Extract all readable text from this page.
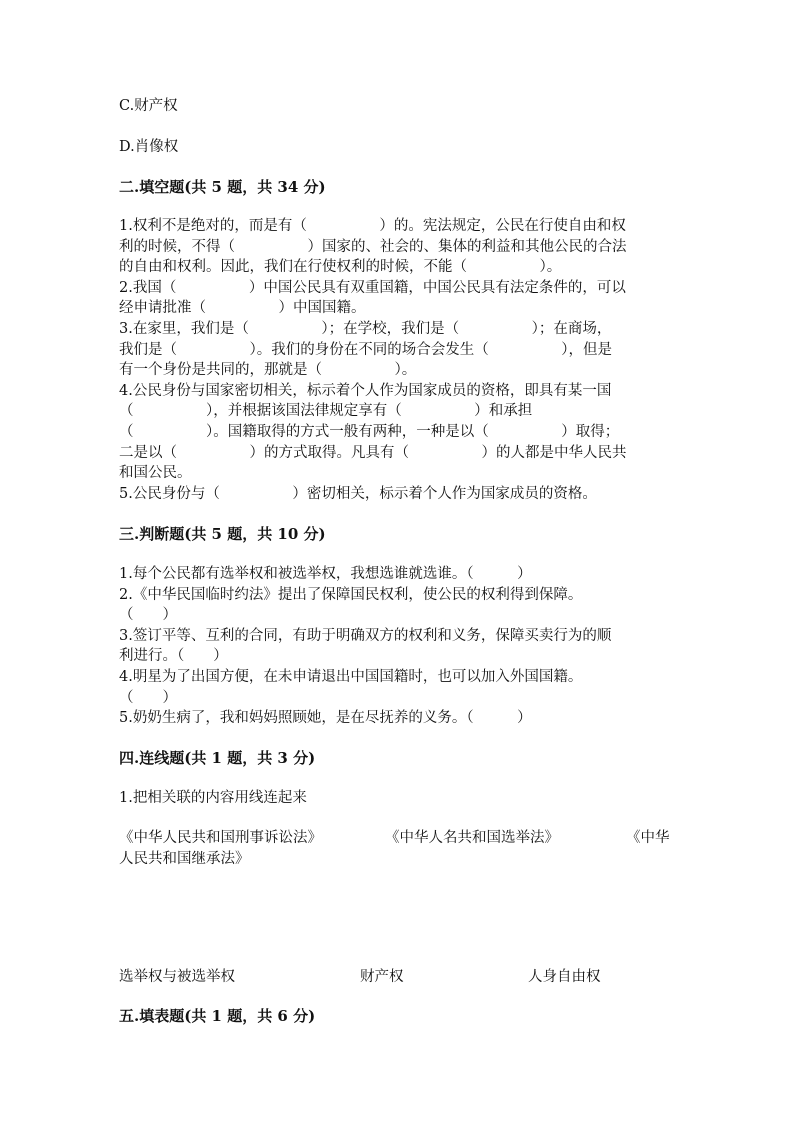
C.财产权
D.肖像权
二.填空题(共 5 题，共 34 分)
1.权利不是绝对的，而是有（　　　　　）的。宪法规定，公民在行使自由和权
利的时候，不得（　　　　　）国家的、社会的、集体的利益和其他公民的合法
的自由和权利。因此，我们在行使权利的时候，不能（　　　　　）。
2.我国（　　　　　）中国公民具有双重国籍，中国公民具有法定条件的，可以
经申请批准（　　　　　）中国国籍。
3.在家里，我们是（　　　　　）；在学校，我们是（　　　　　）；在商场，
我们是（　　　　　）。我们的身份在不同的场合会发生（　　　　　），但是
有一个身份是共同的，那就是（　　　　　）。
4.公民身份与国家密切相关，标示着个人作为国家成员的资格，即具有某一国
（　　　　　），并根据该国法律规定享有（　　　　　）和承担
（　　　　　）。国籍取得的方式一般有两种，一种是以（　　　　　）取得；
二是以（　　　　　）的方式取得。凡具有（　　　　　）的人都是中华人民共
和国公民。
5.公民身份与（　　　　　）密切相关，标示着个人作为国家成员的资格。
三.判断题(共 5 题，共 10 分)
1.每个公民都有选举权和被选举权，我想选谁就选谁。（　　　）
2.《中华民国临时约法》提出了保障国民权利，使公民的权利得到保障。
（　　）
3.签订平等、互利的合同，有助于明确双方的权利和义务，保障买卖行为的顺
利进行。（　　）
4.明星为了出国方便，在未申请退出中国国籍时，也可以加入外国国籍。
（　　）
5.奶奶生病了，我和妈妈照顾她，是在尽抚养的义务。（　　　）
四.连线题(共 1 题，共 3 分)
1.把相关联的内容用线连起来
《中华人民共和国刑事诉讼法》	《中华人名共和国选举法》	《中华
人民共和国继承法》
选举权与被选举权	财产权	人身自由权
五.填表题(共 1 题，共 6 分)
